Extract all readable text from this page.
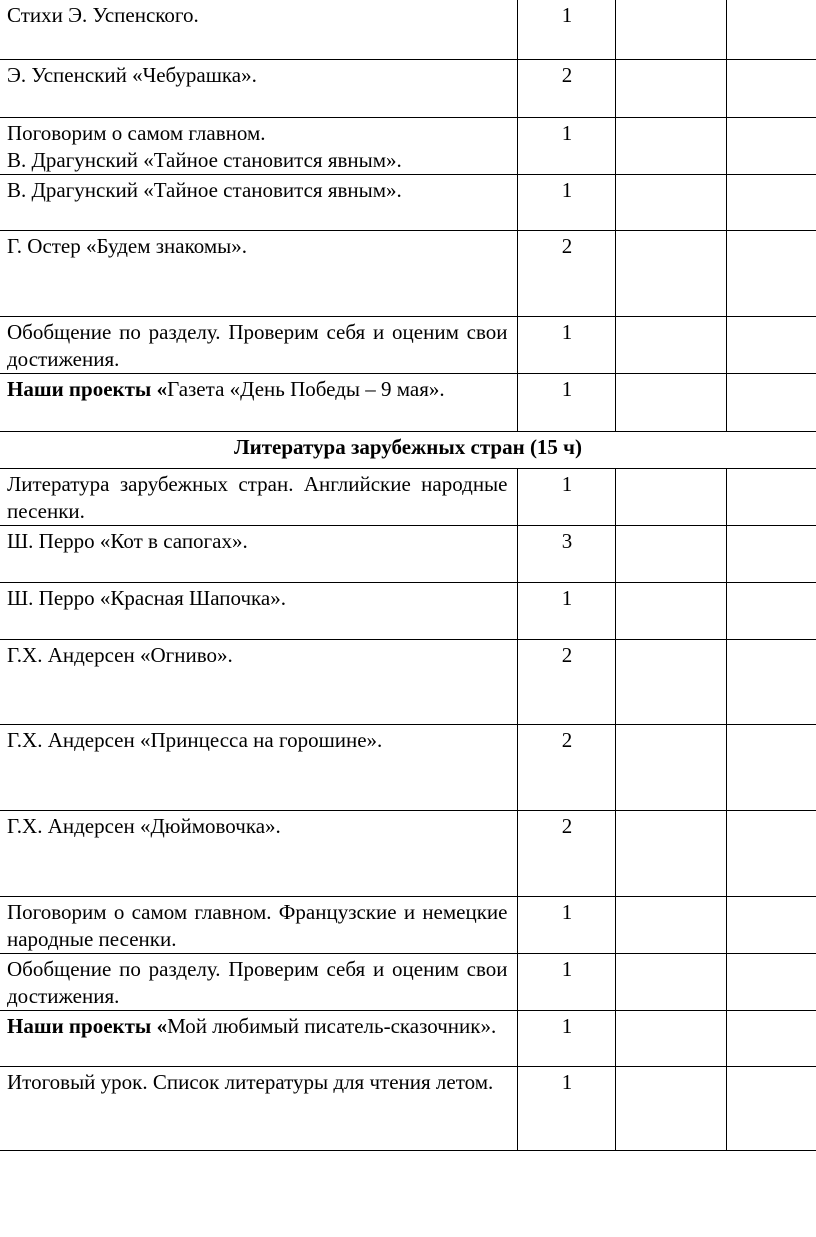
Стихи Э. Успенского.	1		
Э. Успенский «Чебурашка».	2		

Поговорим о самом главном.
В. Драгунский «Тайное становится явным».	1		
В. Драгунский «Тайное становится явным».	1		
Г. Остер «Будем знакомы».	2		
Обобщение по разделу. Проверим себя и оценим свои достижения.	1		
Наши проекты «Газета «День Победы – 9 мая».	1		
Литература зарубежных стран (15 ч)			
Литература зарубежных стран. Английские народные песенки.	1		
Ш. Перро «Кот в сапогах».	3		
Ш. Перро «Красная Шапочка».	1		
Г.Х. Андерсен «Огниво».	2		
Г.Х. Андерсен «Принцесса на горошине».	2		
Г.Х. Андерсен «Дюймовочка».	2		
Поговорим о самом главном. Французские и немецкие народные песенки.	1		
Обобщение по разделу. Проверим себя и оценим свои достижения.	1		
Наши проекты «Мой любимый писатель-сказочник».	1		
Итоговый урок. Список литературы для чтения летом.	1		
